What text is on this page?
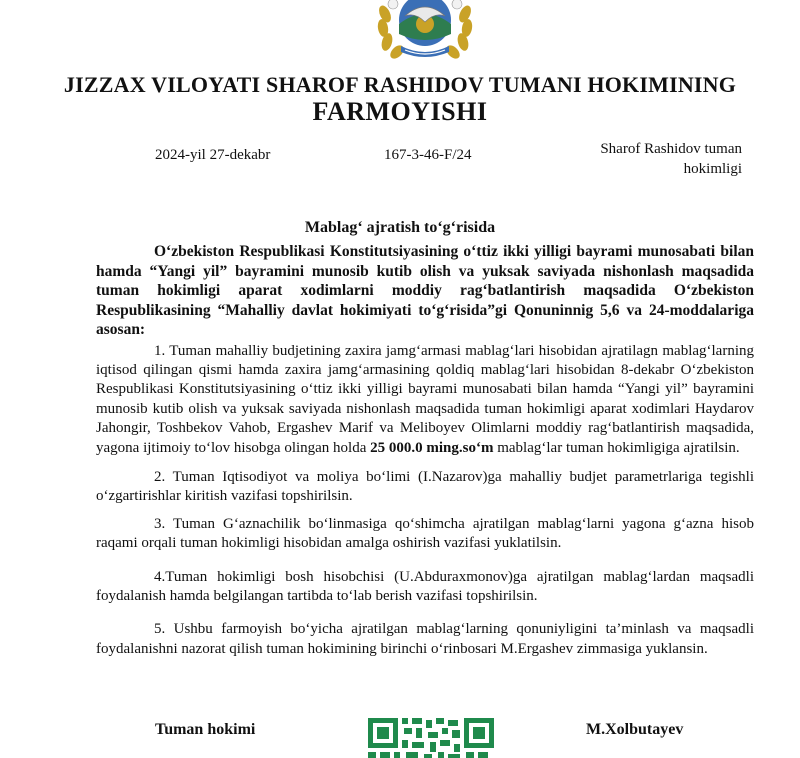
JIZZAX VILOYATI SHAROF RASHIDOV TUMANI HOKIMINING
FARMOYISHI
2024-yil 27-dekabr	167-3-46-F/24	Sharof Rashidov tuman
hokimligi
Mablag‘ ajratish to‘g‘risida

O‘zbekiston Respublikasi Konstitutsiyasining o‘ttiz ikki yilligi bayrami munosabati bilan hamda “Yangi yil” bayramini munosib kutib olish va yuksak saviyada nishonlash maqsadida tuman hokimligi aparat xodimlarni moddiy rag‘batlantirish maqsadida O‘zbekiston Respublikasining “Mahalliy davlat hokimiyati to‘g‘risida”gi Qonuninnig 5,6 va 24-moddalariga asosan:

1. Tuman mahalliy budjetining zaxira jamg‘armasi mablag‘lari hisobidan ajratilagn mablag‘larning iqtisod qilingan qismi hamda zaxira jamg‘armasining qoldiq mablag‘lari hisobidan 8-dekabr O‘zbekiston Respublikasi Konstitutsiyasining o‘ttiz ikki yilligi bayrami munosabati bilan hamda “Yangi yil” bayramini munosib kutib olish va yuksak saviyada nishonlash maqsadida tuman hokimligi aparat xodimlari Haydarov Jahongir, Toshbekov Vahob, Ergashev Marif va Meliboyev Olimlarni moddiy rag‘batlantirish maqsadida, yagona ijtimoiy to‘lov hisobga olingan holda 25 000.0 ming.so‘m mablag‘lar tuman hokimligiga ajratilsin.

2. Tuman Iqtisodiyot va moliya bo‘limi (I.Nazarov)ga mahalliy budjet parametrlariga tegishli o‘zgartirishlar kiritish vazifasi topshirilsin.

3. Tuman G‘aznachilik bo‘linmasiga qo‘shimcha ajratilgan mablag‘larni yagona g‘azna hisob raqami orqali tuman hokimligi hisobidan amalga oshirish vazifasi yuklatilsin.

4.Tuman hokimligi bosh hisobchisi (U.Abduraxmonov)ga ajratilgan mablag‘lardan maqsadli foydalanish hamda belgilangan tartibda to‘lab berish vazifasi topshirilsin.

5. Ushbu farmoyish bo‘yicha ajratilgan mablag‘larning qonuniyligini ta’minlash va maqsadli foydalanishni nazorat qilish tuman hokimining birinchi o‘rinbosari M.Ergashev zimmasiga yuklansin.

Tuman hokimi	M.Xolbutayev
